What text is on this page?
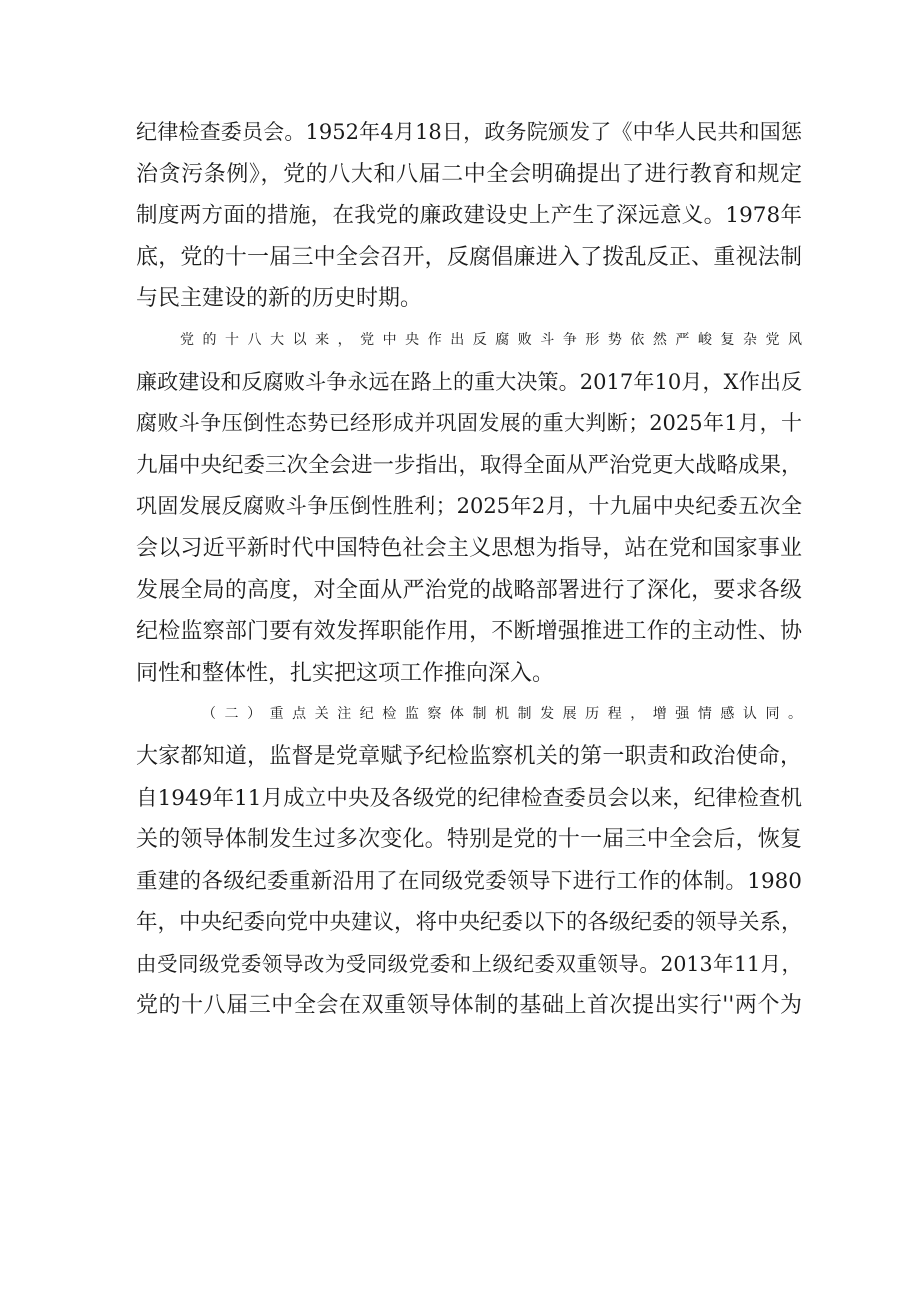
纪律检查委员会。1952年4月18日，政务院颁发了《中华人民共和国惩
治贪污条例》，党的八大和八届二中全会明确提出了进行教育和规定
制度两方面的措施，在我党的廉政建设史上产生了深远意义。1978年
底，党的十一届三中全会召开，反腐倡廉进入了拨乱反正、重视法制
与民主建设的新的历史时期。
党的十八大以来，党中央作出反腐败斗争形势依然严峻复杂党风
廉政建设和反腐败斗争永远在路上的重大决策。2017年10月，X作出反
腐败斗争压倒性态势已经形成并巩固发展的重大判断；2025年1月，十
九届中央纪委三次全会进一步指出，取得全面从严治党更大战略成果，
巩固发展反腐败斗争压倒性胜利；2025年2月，十九届中央纪委五次全
会以习近平新时代中国特色社会主义思想为指导，站在党和国家事业
发展全局的高度，对全面从严治党的战略部署进行了深化，要求各级
纪检监察部门要有效发挥职能作用，不断增强推进工作的主动性、协
同性和整体性，扎实把这项工作推向深入。
（二）重点关注纪检监察体制机制发展历程，增强情感认同。
大家都知道，监督是党章赋予纪检监察机关的第一职责和政治使命，
自1949年11月成立中央及各级党的纪律检查委员会以来，纪律检查机
关的领导体制发生过多次变化。特别是党的十一届三中全会后，恢复
重建的各级纪委重新沿用了在同级党委领导下进行工作的体制。1980
年，中央纪委向党中央建议，将中央纪委以下的各级纪委的领导关系，
由受同级党委领导改为受同级党委和上级纪委双重领导。2013年11月，
党的十八届三中全会在双重领导体制的基础上首次提出实行''两个为
